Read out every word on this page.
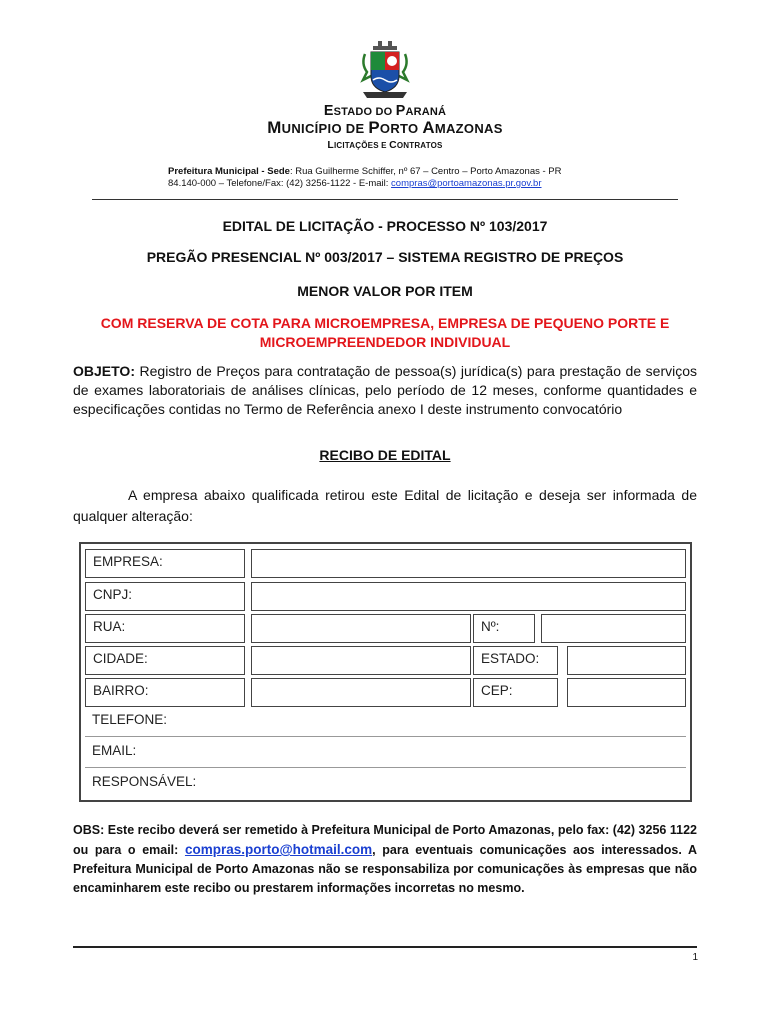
ESTADO DO PARANÁ
MUNICÍPIO DE PORTO AMAZONAS
LICITAÇÕES E CONTRATOS
Prefeitura Municipal - Sede: Rua Guilherme Schiffer, nº 67 – Centro – Porto Amazonas - PR
84.140-000 – Telefone/Fax: (42) 3256-1122 - E-mail: compras@portoamazonas.pr.gov.br
EDITAL DE LICITAÇÃO - PROCESSO Nº 103/2017
PREGÃO PRESENCIAL Nº 003/2017 – SISTEMA REGISTRO DE PREÇOS
MENOR VALOR POR ITEM
COM RESERVA DE COTA PARA MICROEMPRESA, EMPRESA DE PEQUENO PORTE E MICROEMPREENDEDOR INDIVIDUAL
OBJETO: Registro de Preços para contratação de pessoa(s) jurídica(s) para prestação de serviços de exames laboratoriais de análises clínicas, pelo período de 12 meses, conforme quantidades e especificações contidas no Termo de Referência anexo I deste instrumento convocatório
RECIBO DE EDITAL
A empresa abaixo qualificada retirou este Edital de licitação e deseja ser informada de qualquer alteração:
EMPRESA:
CNPJ:
RUA:	Nº:
CIDADE:	ESTADO:
BAIRRO:	CEP:
TELEFONE:
EMAIL:
RESPONSÁVEL:
OBS: Este recibo deverá ser remetido à Prefeitura Municipal de Porto Amazonas, pelo fax: (42) 3256 1122 ou para o email: compras.porto@hotmail.com, para eventuais comunicações aos interessados. A Prefeitura Municipal de Porto Amazonas não se responsabiliza por comunicações às empresas que não encaminharem este recibo ou prestarem informações incorretas no mesmo.
1
